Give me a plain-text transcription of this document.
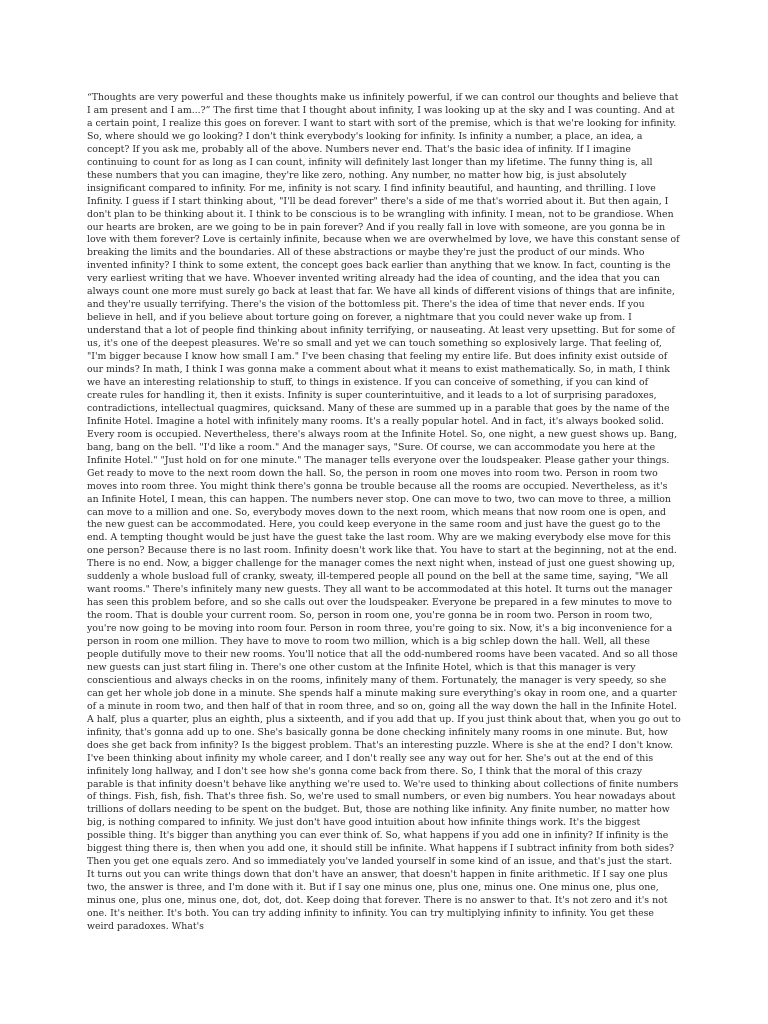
“Thoughts are very powerful and these thoughts make us infinitely powerful, if we can control our thoughts and believe that I am present and I am...?” The first time that I thought about infinity, I was looking up at the sky and I was counting. And at a certain point, I realize this goes on forever. I want to start with sort of the premise, which is that we're looking for infinity. So, where should we go looking? I don't think everybody's looking for infinity. Is infinity a number, a place, an idea, a concept? If you ask me, probably all of the above. Numbers never end. That's the basic idea of infinity. If I imagine continuing to count for as long as I can count, infinity will definitely last longer than my lifetime. The funny thing is, all these numbers that you can imagine, they're like zero, nothing. Any number, no matter how big, is just absolutely insignificant compared to infinity. For me, infinity is not scary. I find infinity beautiful, and haunting, and thrilling. I love Infinity. I guess if I start thinking about, "I'll be dead forever" there's a side of me that's worried about it. But then again, I don't plan to be thinking about it. I think to be conscious is to be wrangling with infinity. I mean, not to be grandiose. When our hearts are broken, are we going to be in pain forever? And if you really fall in love with someone, are you gonna be in love with them forever? Love is certainly infinite, because when we are overwhelmed by love, we have this constant sense of breaking the limits and the boundaries. All of these abstractions or maybe they're just the product of our minds. Who invented infinity? I think to some extent, the concept goes back earlier than anything that we know. In fact, counting is the very earliest writing that we have. Whoever invented writing already had the idea of counting, and the idea that you can always count one more must surely go back at least that far. We have all kinds of different visions of things that are infinite, and they're usually terrifying. There's the vision of the bottomless pit. There's the idea of time that never ends. If you believe in hell, and if you believe about torture going on forever, a nightmare that you could never wake up from. I understand that a lot of people find thinking about infinity terrifying, or nauseating. At least very upsetting. But for some of us, it's one of the deepest pleasures. We're so small and yet we can touch something so explosively large. That feeling of, "I'm bigger because I know how small I am." I've been chasing that feeling my entire life. But does infinity exist outside of our minds? In math, I think I was gonna make a comment about what it means to exist mathematically. So, in math, I think we have an interesting relationship to stuff, to things in existence. If you can conceive of something, if you can kind of create rules for handling it, then it exists. Infinity is super counterintuitive, and it leads to a lot of surprising paradoxes, contradictions, intellectual quagmires, quicksand. Many of these are summed up in a parable that goes by the name of the Infinite Hotel. Imagine a hotel with infinitely many rooms. It's a really popular hotel. And in fact, it's always booked solid. Every room is occupied. Nevertheless, there's always room at the Infinite Hotel. So, one night, a new guest shows up. Bang, bang, bang on the bell. "I'd like a room." And the manager says, "Sure. Of course, we can accommodate you here at the Infinite Hotel." "Just hold on for one minute." The manager tells everyone over the loudspeaker. Please gather your things. Get ready to move to the next room down the hall. So, the person in room one moves into room two. Person in room two moves into room three. You might think there's gonna be trouble because all the rooms are occupied. Nevertheless, as it's an Infinite Hotel, I mean, this can happen. The numbers never stop. One can move to two, two can move to three, a million can move to a million and one. So, everybody moves down to the next room, which means that now room one is open, and the new guest can be accommodated. Here, you could keep everyone in the same room and just have the guest go to the end. A tempting thought would be just have the guest take the last room. Why are we making everybody else move for this one person? Because there is no last room. Infinity doesn't work like that. You have to start at the beginning, not at the end. There is no end. Now, a bigger challenge for the manager comes the next night when, instead of just one guest showing up, suddenly a whole busload full of cranky, sweaty, ill-tempered people all pound on the bell at the same time, saying, "We all want rooms." There's infinitely many new guests. They all want to be accommodated at this hotel. It turns out the manager has seen this problem before, and so she calls out over the loudspeaker. Everyone be prepared in a few minutes to move to the room. That is double your current room. So, person in room one, you're gonna be in room two. Person in room two, you're now going to be moving into room four. Person in room three, you're going to six. Now, it's a big inconvenience for a person in room one million. They have to move to room two million, which is a big schlep down the hall. Well, all these people dutifully move to their new rooms. You'll notice that all the odd-numbered rooms have been vacated. And so all those new guests can just start filing in. There's one other custom at the Infinite Hotel, which is that this manager is very conscientious and always checks in on the rooms, infinitely many of them. Fortunately, the manager is very speedy, so she can get her whole job done in a minute. She spends half a minute making sure everything's okay in room one, and a quarter of a minute in room two, and then half of that in room three, and so on, going all the way down the hall in the Infinite Hotel. A half, plus a quarter, plus an eighth, plus a sixteenth, and if you add that up. If you just think about that, when you go out to infinity, that's gonna add up to one. She's basically gonna be done checking infinitely many rooms in one minute. But, how does she get back from infinity? Is the biggest problem. That's an interesting puzzle. Where is she at the end? I don't know. I've been thinking about infinity my whole career, and I don't really see any way out for her. She's out at the end of this infinitely long hallway, and I don't see how she's gonna come back from there. So, I think that the moral of this crazy parable is that infinity doesn't behave like anything we're used to. We're used to thinking about collections of finite numbers of things. Fish, fish, fish. That's three fish. So, we're used to small numbers, or even big numbers. You hear nowadays about trillions of dollars needing to be spent on the budget. But, those are nothing like infinity. Any finite number, no matter how big, is nothing compared to infinity. We just don't have good intuition about how infinite things work. It's the biggest possible thing. It's bigger than anything you can ever think of. So, what happens if you add one in infinity? If infinity is the biggest thing there is, then when you add one, it should still be infinite. What happens if I subtract infinity from both sides? Then you get one equals zero. And so immediately you've landed yourself in some kind of an issue, and that's just the start. It turns out you can write things down that don't have an answer, that doesn't happen in finite arithmetic. If I say one plus two, the answer is three, and I'm done with it. But if I say one minus one, plus one, minus one. One minus one, plus one, minus one, plus one, minus one, dot, dot, dot. Keep doing that forever. There is no answer to that. It's not zero and it's not one. It's neither. It's both. You can try adding infinity to infinity. You can try multiplying infinity to infinity. You get these weird paradoxes. What's
